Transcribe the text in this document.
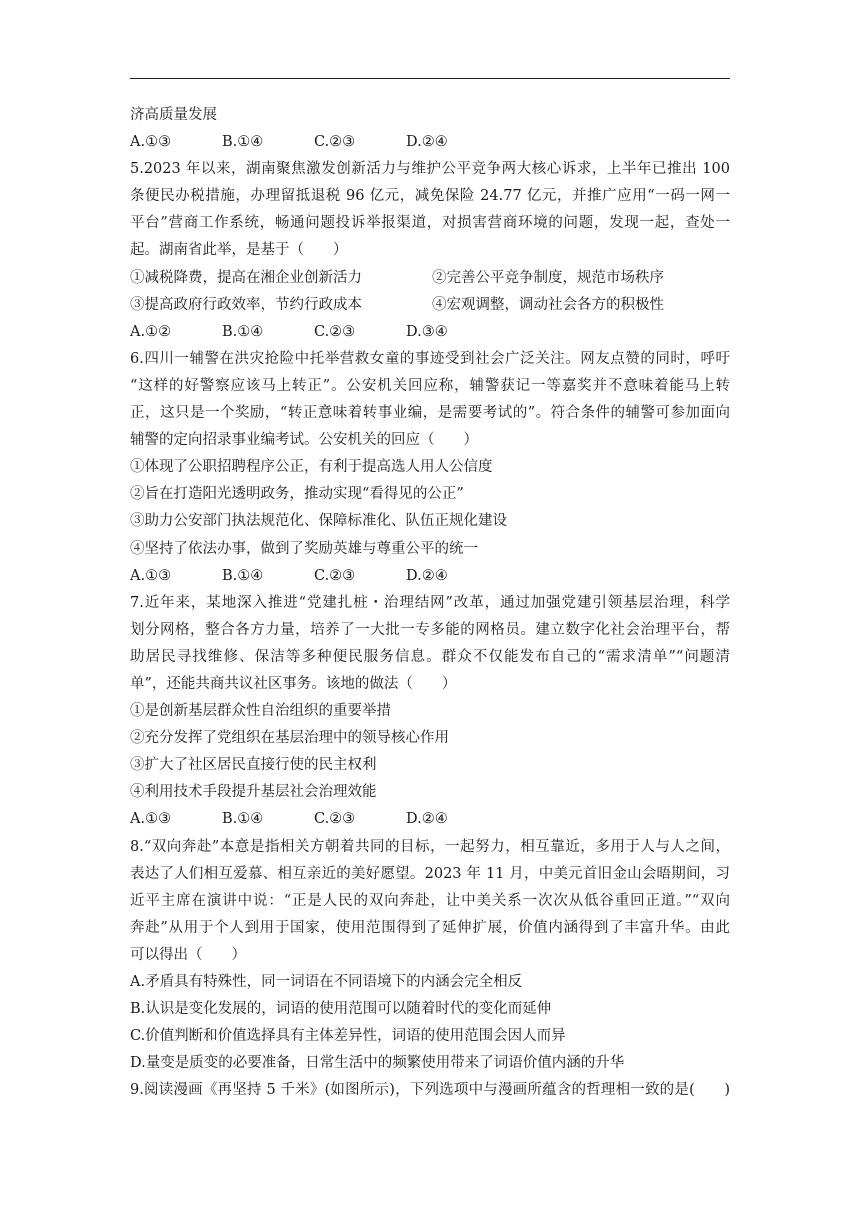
济高质量发展
A.①③	B.①④	C.②③	D.②④
5.2023 年以来，湖南聚焦激发创新活力与维护公平竞争两大核心诉求，上半年已推出 100
条便民办税措施，办理留抵退税 96 亿元，减免保险 24.77 亿元，并推广应用“一码一网一
平台”营商工作系统，畅通问题投诉举报渠道，对损害营商环境的问题，发现一起，查处一
起。湖南省此举，是基于（　　）
①减税降费，提高在湘企业创新活力	②完善公平竞争制度，规范市场秩序
③提高政府行政效率，节约行政成本	④宏观调整，调动社会各方的积极性
A.①②	B.①④	C.②③	D.③④
6.四川一辅警在洪灾抢险中托举营救女童的事迹受到社会广泛关注。网友点赞的同时，呼吁
“这样的好警察应该马上转正”。公安机关回应称，辅警获记一等嘉奖并不意味着能马上转
正，这只是一个奖励，“转正意味着转事业编，是需要考试的”。符合条件的辅警可参加面向
辅警的定向招录事业编考试。公安机关的回应（　　）
①体现了公职招聘程序公正，有利于提高选人用人公信度
②旨在打造阳光透明政务，推动实现“看得见的公正”
③助力公安部门执法规范化、保障标准化、队伍正规化建设
④坚持了依法办事，做到了奖励英雄与尊重公平的统一
A.①③	B.①④	C.②③	D.②④
7.近年来，某地深入推进“党建扎桩・治理结网”改革，通过加强党建引领基层治理，科学
划分网格，整合各方力量，培养了一大批一专多能的网格员。建立数字化社会治理平台，帮
助居民寻找维修、保洁等多种便民服务信息。群众不仅能发布自己的“需求清单”“问题清
单”，还能共商共议社区事务。该地的做法（　　）
①是创新基层群众性自治组织的重要举措
②充分发挥了党组织在基层治理中的领导核心作用
③扩大了社区居民直接行使的民主权利
④利用技术手段提升基层社会治理效能
A.①③	B.①④	C.②③	D.②④
8.“双向奔赴”本意是指相关方朝着共同的目标，一起努力，相互靠近，多用于人与人之间，
表达了人们相互爱慕、相互亲近的美好愿望。2023 年 11 月，中美元首旧金山会晤期间，习
近平主席在演讲中说：“正是人民的双向奔赴，让中美关系一次次从低谷重回正道。”“双向
奔赴”从用于个人到用于国家，使用范围得到了延伸扩展，价值内涵得到了丰富升华。由此
可以得出（　　）
A.矛盾具有特殊性，同一词语在不同语境下的内涵会完全相反
B.认识是变化发展的，词语的使用范围可以随着时代的变化而延伸
C.价值判断和价值选择具有主体差异性，词语的使用范围会因人而异
D.量变是质变的必要准备，日常生活中的频繁使用带来了词语价值内涵的升华
9.阅读漫画《再坚持 5 千米》(如图所示)，下列选项中与漫画所蕴含的哲理相一致的是(　　)
